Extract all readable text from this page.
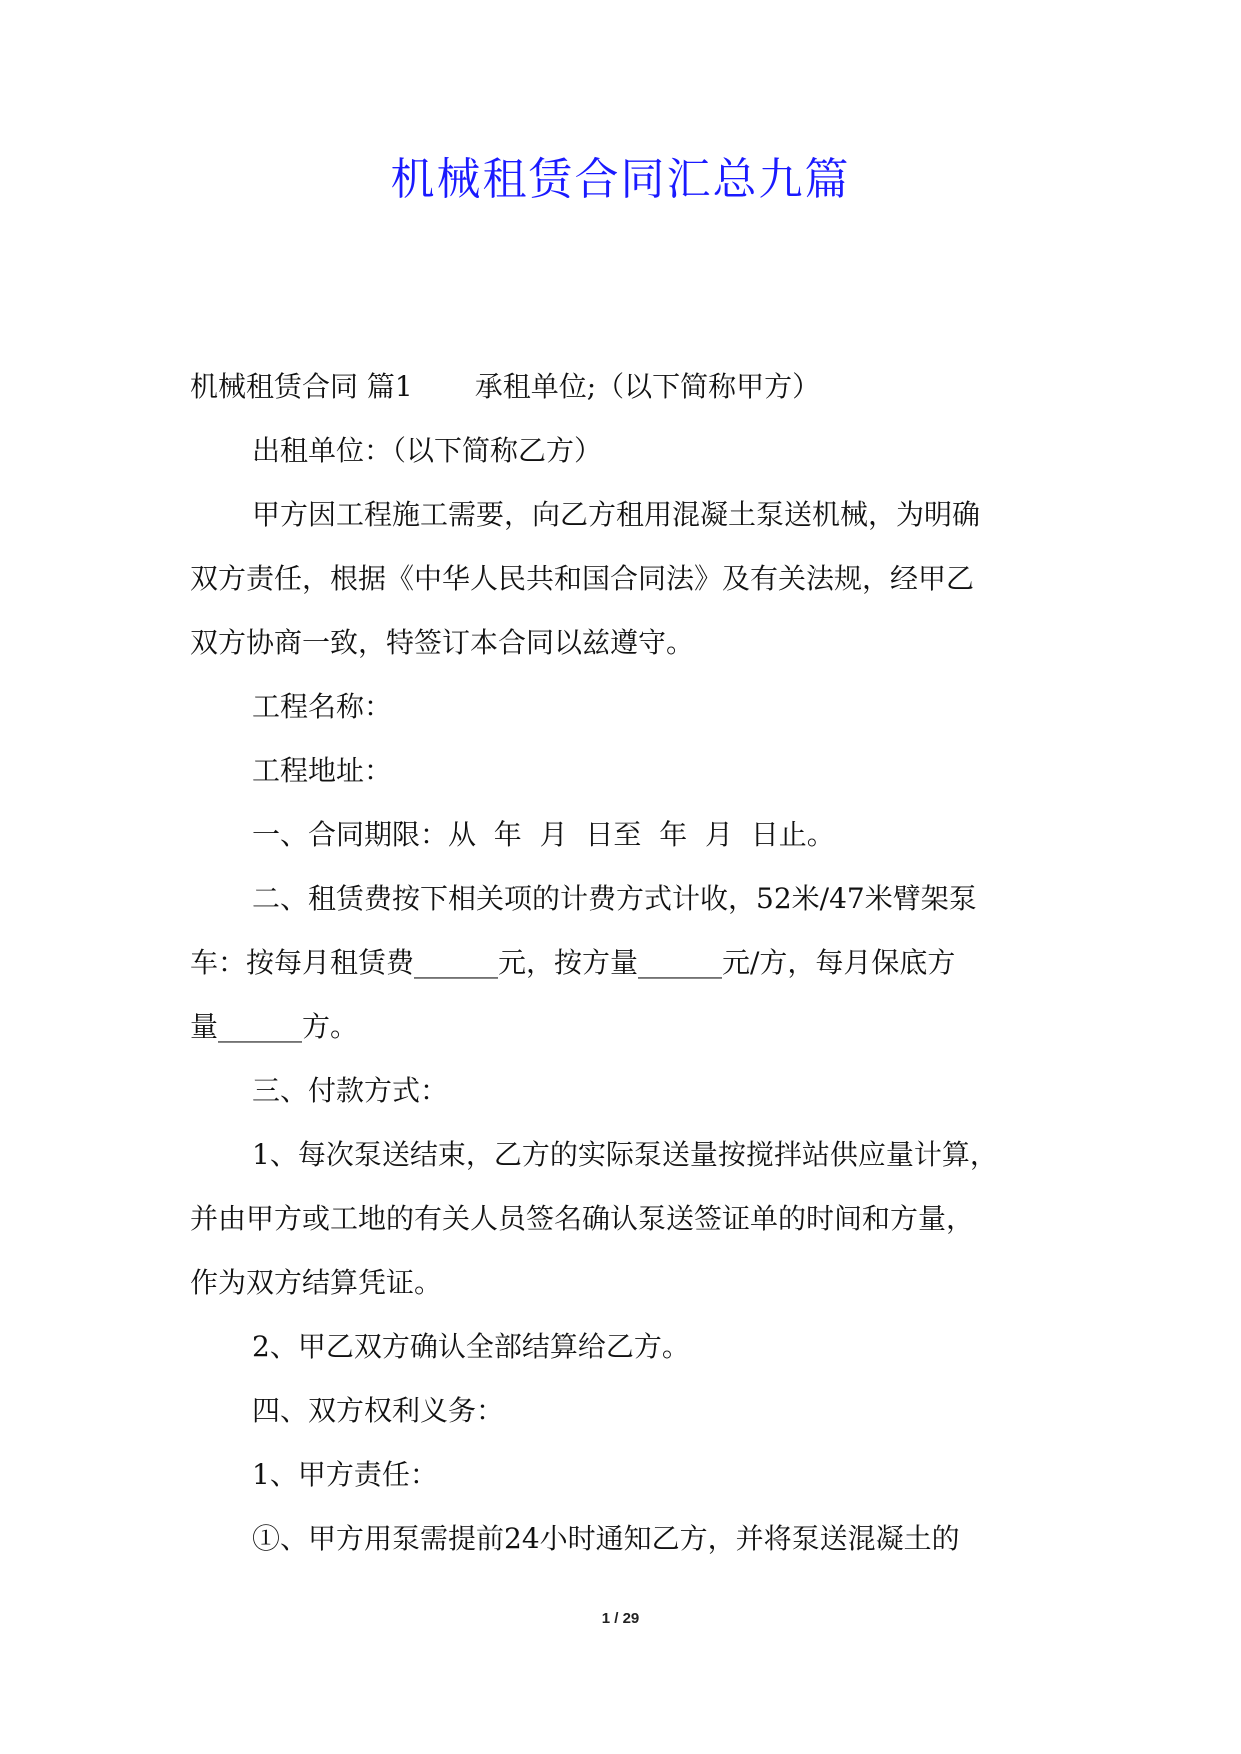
机械租赁合同汇总九篇
机械租赁合同 篇1 承租单位;（以下简称甲方）
出租单位：（以下简称乙方）
甲方因工程施工需要，向乙方租用混凝土泵送机械，为明确
双方责任，根据《中华人民共和国合同法》及有关法规，经甲乙
双方协商一致，特签订本合同以兹遵守。
工程名称：
工程地址：
一、合同期限：从  年  月  日至  年  月  日止。
二、租赁费按下相关项的计费方式计收，52米/47米臂架泵
车：按每月租赁费______元，按方量______元/方，每月保底方
量______方。
三、付款方式：
1、每次泵送结束，乙方的实际泵送量按搅拌站供应量计算，
并由甲方或工地的有关人员签名确认泵送签证单的时间和方量，
作为双方结算凭证。
2、甲乙双方确认全部结算给乙方。
四、双方权利义务：
1、甲方责任：
①、甲方用泵需提前24小时通知乙方，并将泵送混凝土的
1 / 29
